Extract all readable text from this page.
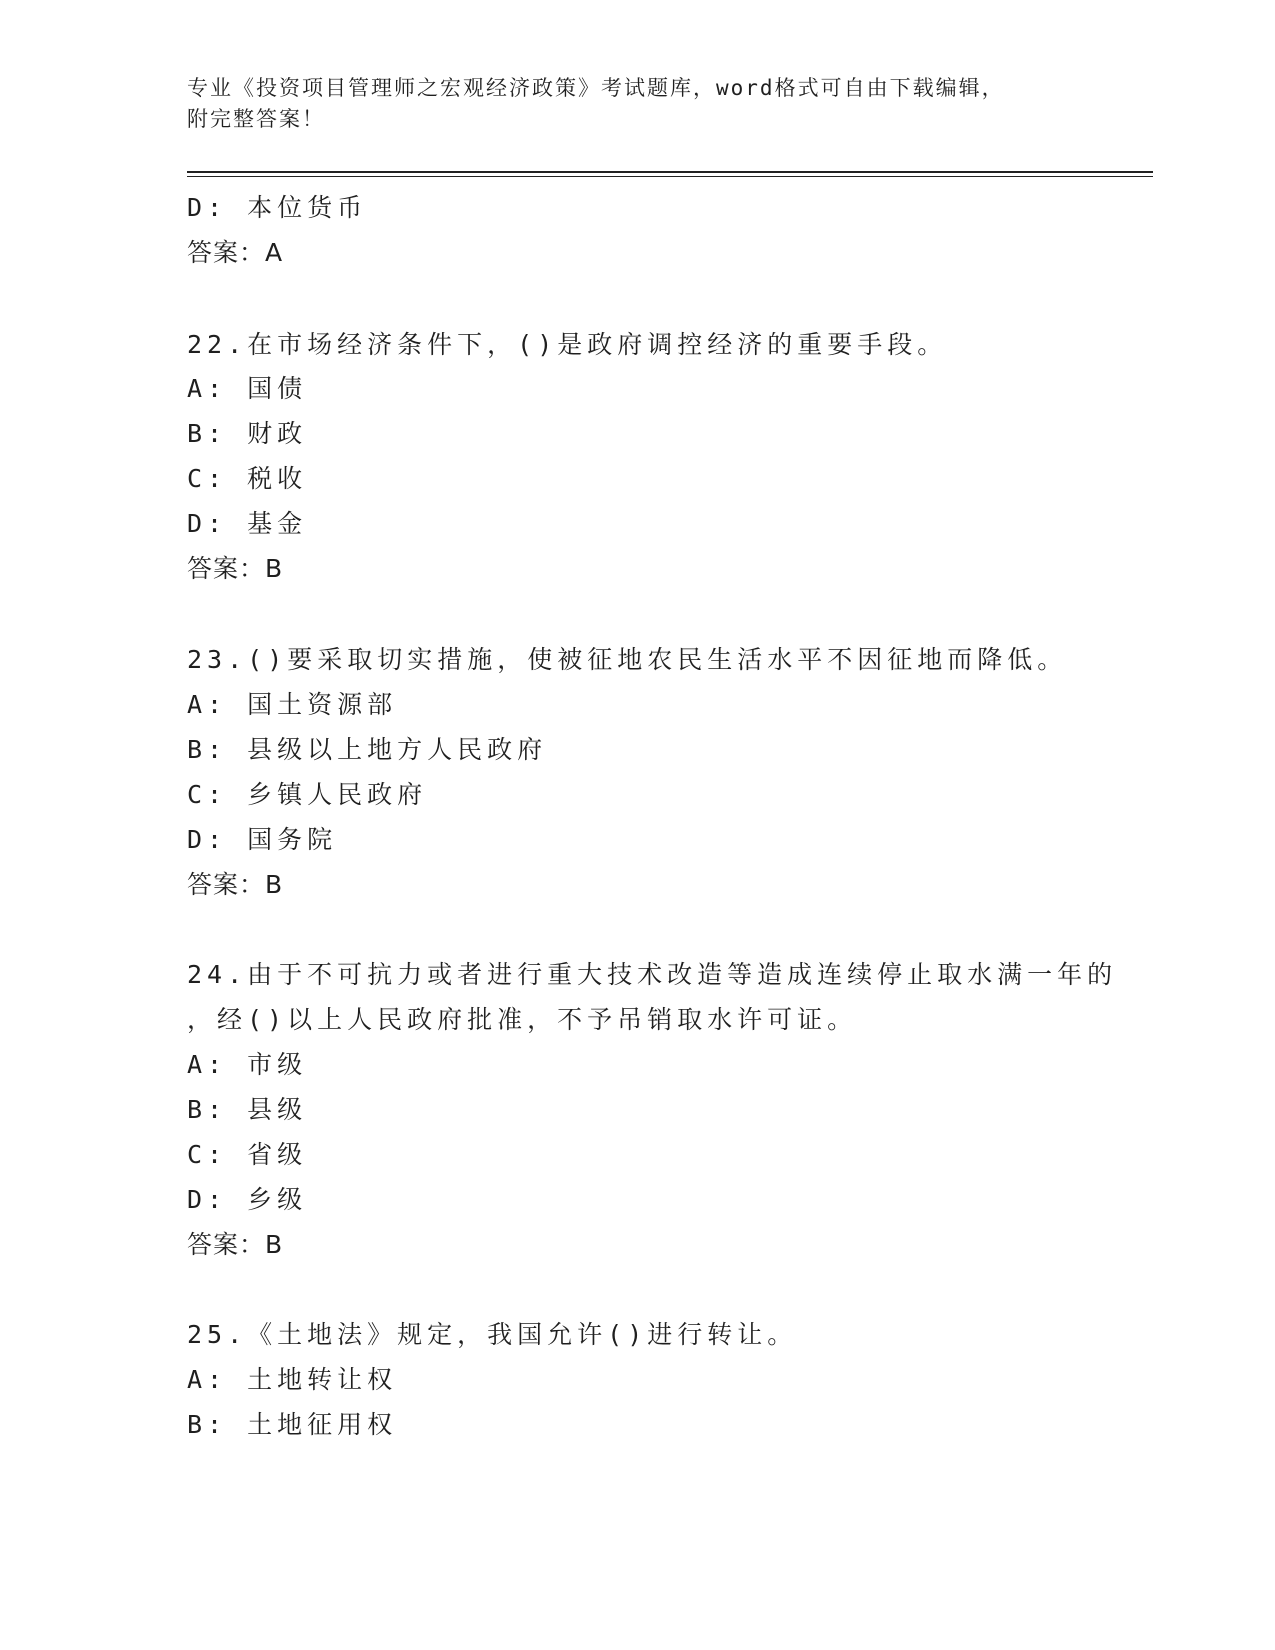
专业《投资项目管理师之宏观经济政策》考试题库，word格式可自由下载编辑，
附完整答案！
D: 本位货币
答案：A
22.在市场经济条件下，()是政府调控经济的重要手段。
A: 国债
B: 财政
C: 税收
D: 基金
答案：B
23.()要采取切实措施，使被征地农民生活水平不因征地而降低。
A: 国土资源部
B: 县级以上地方人民政府
C: 乡镇人民政府
D: 国务院
答案：B
24.由于不可抗力或者进行重大技术改造等造成连续停止取水满一年的
，经()以上人民政府批准，不予吊销取水许可证。
A: 市级
B: 县级
C: 省级
D: 乡级
答案：B
25.《土地法》规定，我国允许()进行转让。
A: 土地转让权
B: 土地征用权
